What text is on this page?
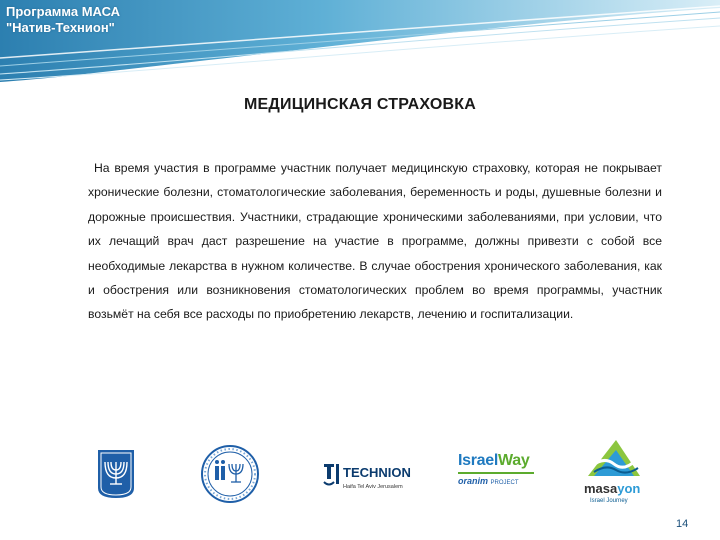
Программа МАСА
"Натив-Технион"
МЕДИЦИНСКАЯ СТРАХОВКА

На время участия в программе участник получает медицинскую страховку, которая не покрывает хронические болезни, стоматологические заболевания, беременность и роды, душевные болезни и дорожные происшествия. Участники, страдающие хроническими заболеваниями, при условии, что их лечащий врач даст разрешение на участие в программе, должны привезти с собой все необходимые лекарства в нужном количестве. В случае обострения хронического заболевания, как и обострения или возникновения стоматологических проблем во время программы, участник возьмёт на себя все расходы по приобретению лекарств, лечению и госпитализации.

TECHNION
Haifa Tel Aviv Jerusalem
IsraelWay
oranim PROJECT	masayon
Israel Journey
14
